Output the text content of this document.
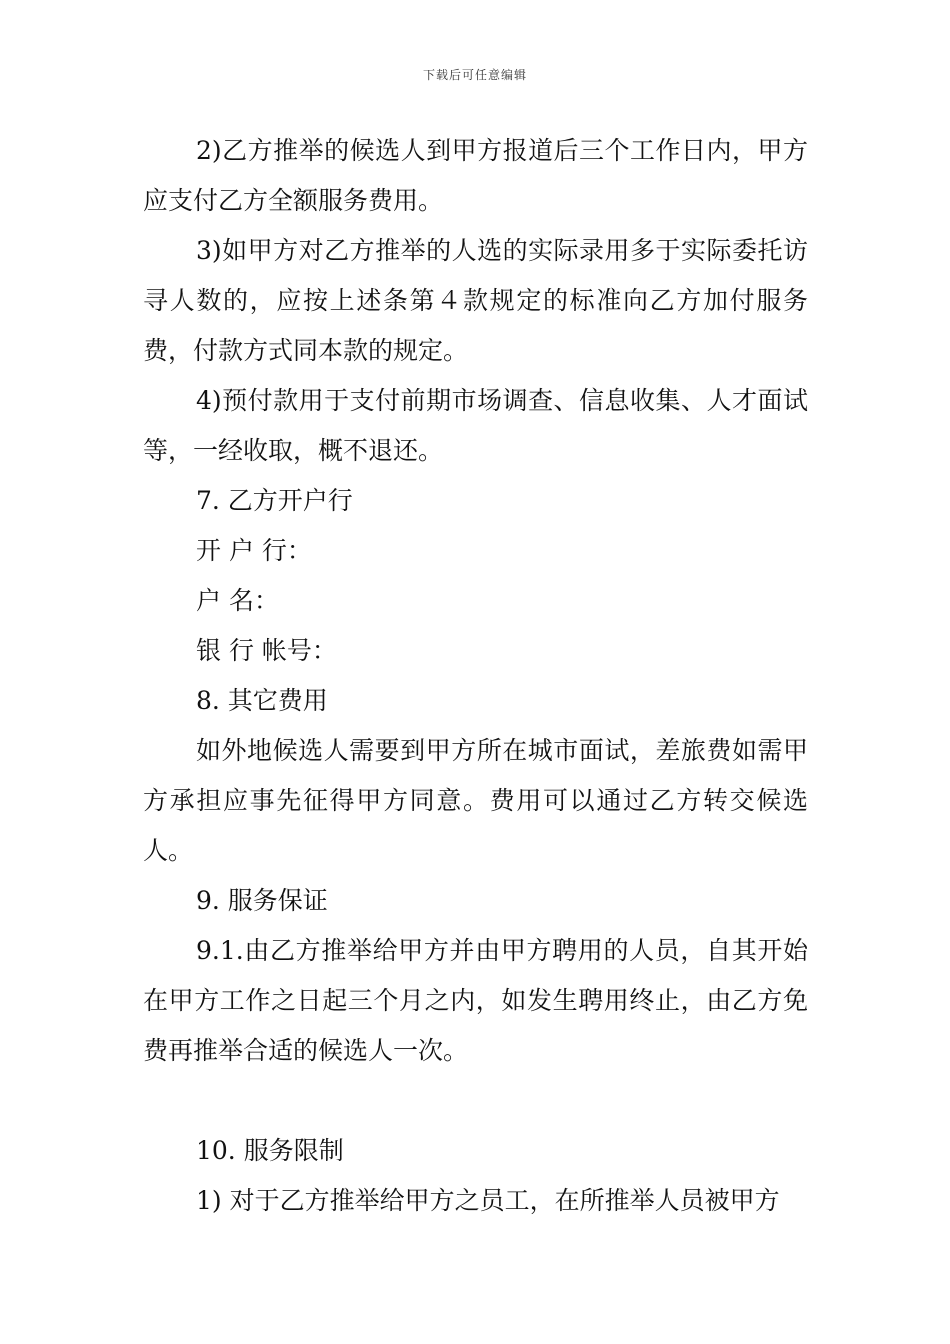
下载后可任意编辑

2)乙方推举的候选人到甲方报道后三个工作日内，甲方应支付乙方全额服务费用。

3)如甲方对乙方推举的人选的实际录用多于实际委托访寻人数的，应按上述条第４款规定的标准向乙方加付服务费，付款方式同本款的规定。

4)预付款用于支付前期市场调查、信息收集、人才面试等，一经收取，概不退还。

7. 乙方开户行

开 户 行：

户 名：

银 行 帐号：

8. 其它费用

如外地候选人需要到甲方所在城市面试，差旅费如需甲方承担应事先征得甲方同意。费用可以通过乙方转交候选人。

9. 服务保证

9.1.由乙方推举给甲方并由甲方聘用的人员，自其开始在甲方工作之日起三个月之内，如发生聘用终止，由乙方免费再推举合适的候选人一次。

10. 服务限制

1) 对于乙方推举给甲方之员工，在所推举人员被甲方
